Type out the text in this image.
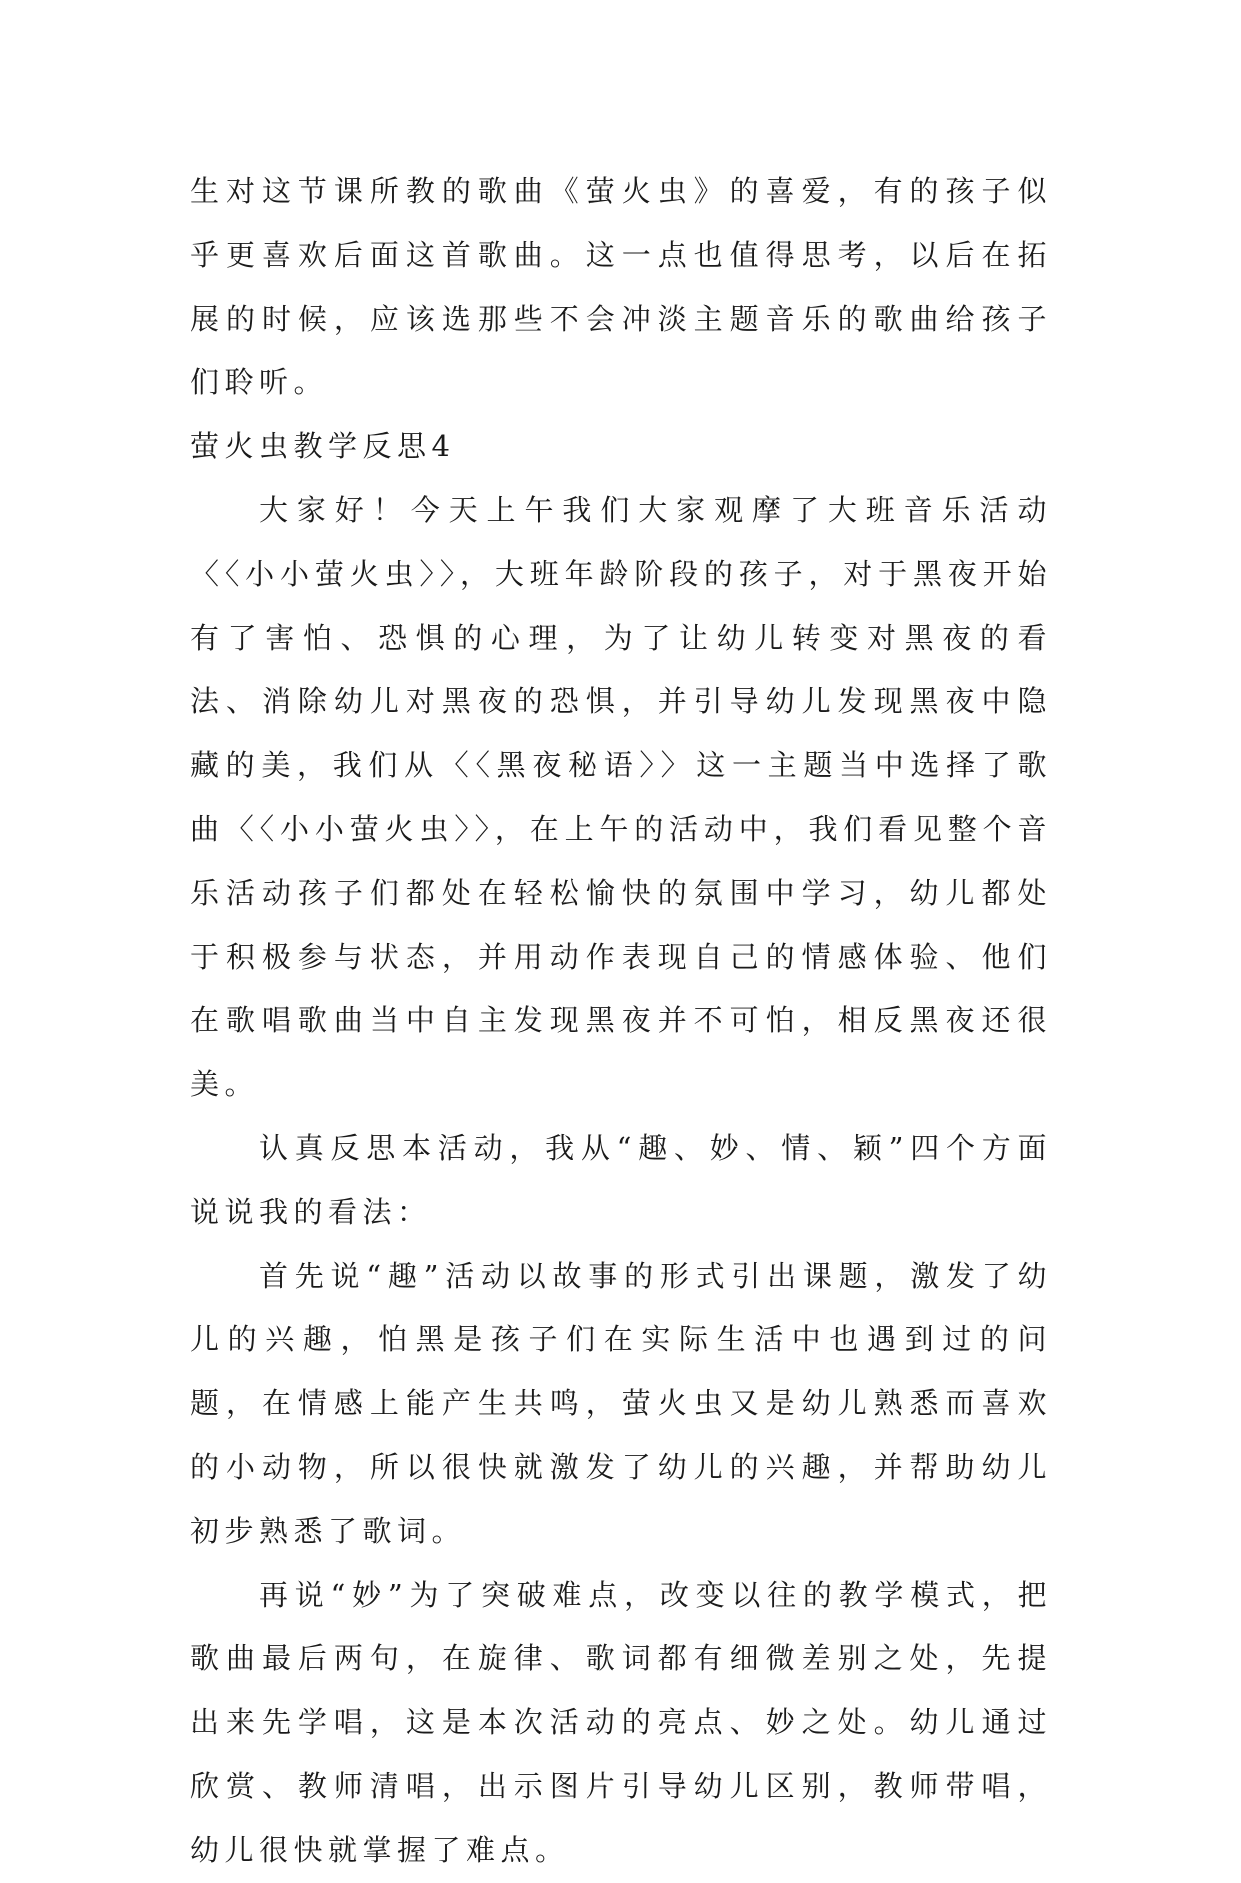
生对这节课所教的歌曲《萤火虫》的喜爱，有的孩子似乎更喜欢后面这首歌曲。这一点也值得思考，以后在拓展的时候，应该选那些不会冲淡主题音乐的歌曲给孩子们聆听。

萤火虫教学反思4

大家好！今天上午我们大家观摩了大班音乐活动〈〈小小萤火虫〉〉，大班年龄阶段的孩子，对于黑夜开始有了害怕、恐惧的心理，为了让幼儿转变对黑夜的看法、消除幼儿对黑夜的恐惧，并引导幼儿发现黑夜中隐藏的美，我们从〈〈黑夜秘语〉〉这一主题当中选择了歌曲〈〈小小萤火虫〉〉，在上午的活动中，我们看见整个音乐活动孩子们都处在轻松愉快的氛围中学习，幼儿都处于积极参与状态，并用动作表现自己的情感体验、他们在歌唱歌曲当中自主发现黑夜并不可怕，相反黑夜还很美。

认真反思本活动，我从“趣、妙、情、颖”四个方面说说我的看法：

首先说“趣”活动以故事的形式引出课题，激发了幼儿的兴趣，怕黑是孩子们在实际生活中也遇到过的问题，在情感上能产生共鸣，萤火虫又是幼儿熟悉而喜欢的小动物，所以很快就激发了幼儿的兴趣，并帮助幼儿初步熟悉了歌词。

再说“妙”为了突破难点，改变以往的教学模式，把歌曲最后两句，在旋律、歌词都有细微差别之处，先提出来先学唱，这是本次活动的亮点、妙之处。幼儿通过欣赏、教师清唱，出示图片引导幼儿区别，教师带唱，幼儿很快就掌握了难点。
